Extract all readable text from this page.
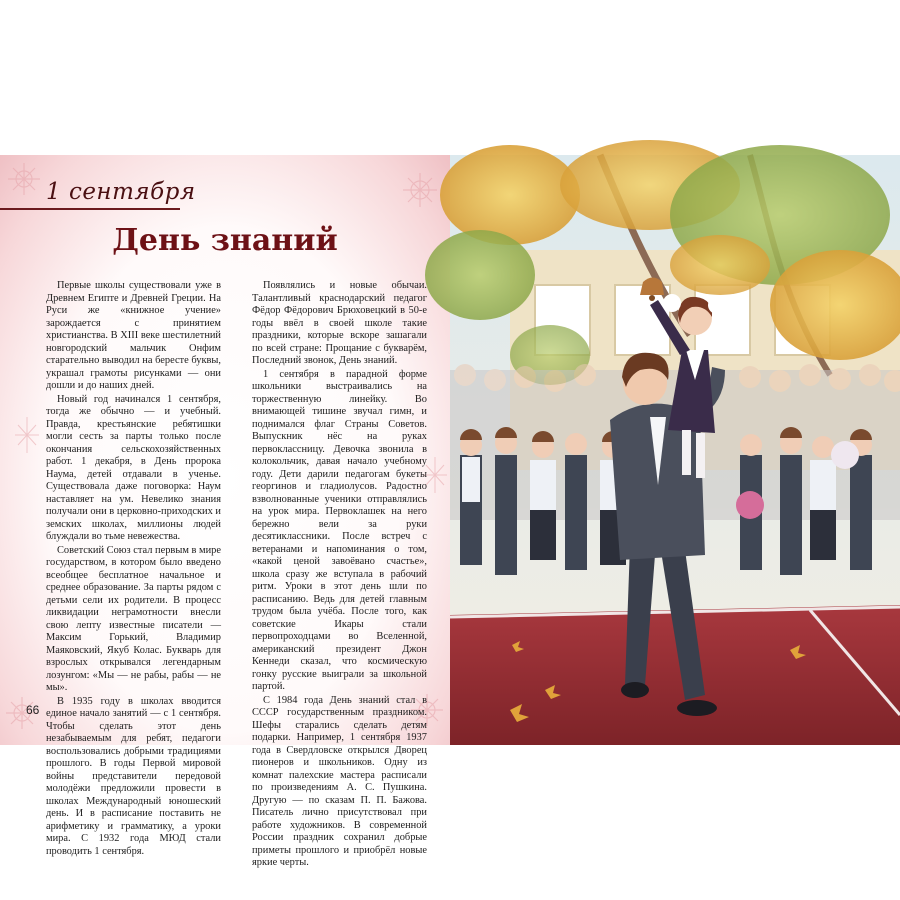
1 сентября
День знаний

Первые школы существовали уже в Древнем Египте и Древней Греции. На Руси же «книжное учение» зарождается с принятием христианства. В XIII веке шестилетний новгородский мальчик Онфим старательно выводил на бересте буквы, украшал грамоты рисунками — они дошли и до наших дней.

Новый год начинался 1 сентября, тогда же обычно — и учебный. Правда, крестьянские ребятишки могли сесть за парты только после окончания сельскохозяйственных работ. 1 декабря, в День пророка Наума, детей отдавали в ученье. Существовала даже поговорка: Наум наставляет на ум. Невелико знания получали они в церковно-приходских и земских школах, миллионы людей блуждали во тьме невежества.

Советский Союз стал первым в мире государством, в котором было введено всеобщее бесплатное начальное и среднее образование. За парты рядом с детьми сели их родители. В процесс ликвидации неграмотности внесли свою лепту известные писатели — Максим Горький, Владимир Маяковский, Якуб Колас. Букварь для взрослых открывался легендарным лозунгом: «Мы — не рабы, рабы — не мы».

В 1935 году в школах вводится единое начало занятий — с 1 сентября. Чтобы сделать этот день незабываемым для ребят, педагоги воспользовались добрыми традициями прошлого. В годы Первой мировой войны представители передовой молодёжи предложили провести в школах Международный юношеский день. И в расписание поставить не арифметику и грамматику, а уроки мира. С 1932 года МЮД стали проводить 1 сентября.

Появлялись и новые обычаи. Талантливый краснодарский педагог Фёдор Фёдорович Брюховецкий в 50-е годы ввёл в своей школе такие праздники, которые вскоре зашагали по всей стране: Прощание с букварём, Последний звонок, День знаний.

1 сентября в парадной форме школьники выстраивались на торжественную линейку. Во внимающей тишине звучал гимн, и поднимался флаг Страны Советов. Выпускник нёс на руках первоклассницу. Девочка звонила в колокольчик, давая начало учебному году. Дети дарили педагогам букеты георгинов и гладиолусов. Радостно взволнованные ученики отправлялись на урок мира. Первоклашек на него бережно вели за руки десятиклассники. После встреч с ветеранами и напоминания о том, «какой ценой завоёвано счастье», школа сразу же вступала в рабочий ритм. Уроки в этот день шли по расписанию. Ведь для детей главным трудом была учёба. После того, как советские Икары стали первопроходцами во Вселенной, американский президент Джон Кеннеди сказал, что космическую гонку русские выиграли за школьной партой.

С 1984 года День знаний стал в СССР государственным праздником. Шефы старались сделать детям подарки. Например, 1 сентября 1937 года в Свердловске открылся Дворец пионеров и школьников. Одну из комнат палехские мастера расписали по произведениям А. С. Пушкина. Другую — по сказам П. П. Бажова. Писатель лично присутствовал при работе художников. В современной России праздник сохранил добрые приметы прошлого и приобрёл новые яркие черты.

66
